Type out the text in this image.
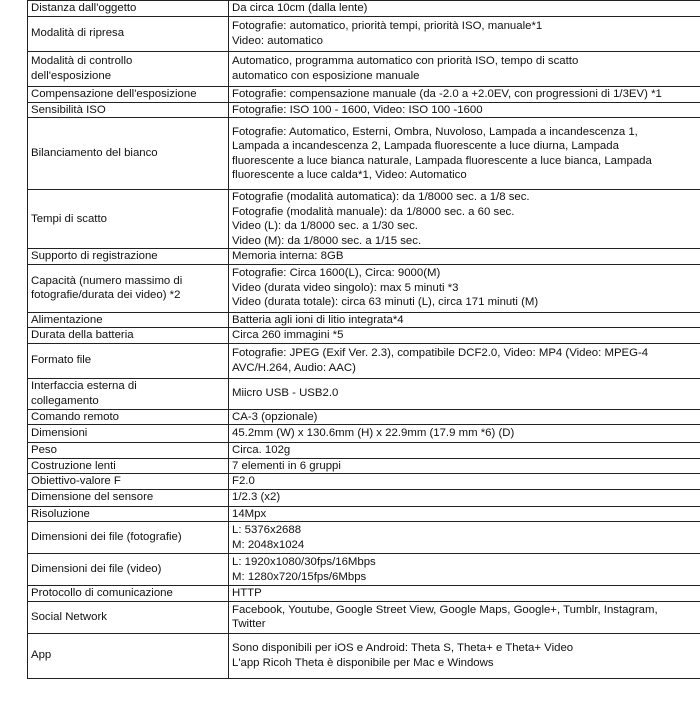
Distanza dall'oggetto	Da circa 10cm (dalla lente)

Modalità di ripresa	Fotografie: automatico, priorità tempi, priorità ISO, manuale*1
Video: automatico

Modalità di controllo
dell'esposizione	Automatico, programma automatico con priorità ISO, tempo di scatto
automatico con esposizione manuale

Compensazione dell'esposizione	Fotografie: compensazione manuale (da -2.0 a +2.0EV, con progressioni di 1/3EV) *1

Sensibilità ISO	Fotografie: ISO 100 - 1600, Video: ISO 100 -1600

Bilanciamento del bianco	Fotografie: Automatico, Esterni, Ombra, Nuvoloso, Lampada a incandescenza 1,
Lampada a incandescenza 2, Lampada fluorescente a luce diurna, Lampada
fluorescente a luce bianca naturale, Lampada fluorescente a luce bianca, Lampada
fluorescente a luce calda*1, Video: Automatico

Tempi di scatto	Fotografie (modalità automatica): da 1/8000 sec. a 1/8 sec.
Fotografie (modalità manuale): da 1/8000 sec. a 60 sec.
Video (L): da 1/8000 sec. a 1/30 sec.
Video (M): da 1/8000 sec. a 1/15 sec.

Supporto di registrazione	Memoria interna: 8GB

Capacità (numero massimo di
fotografie/durata dei video) *2	Fotografie: Circa 1600(L), Circa: 9000(M)
Video (durata video singolo): max 5 minuti *3
Video (durata totale): circa 63 minuti (L), circa 171 minuti (M)

Alimentazione	Batteria agli ioni di litio integrata*4

Durata della batteria	Circa 260 immagini *5

Formato file	Fotografie: JPEG (Exif Ver. 2.3), compatibile DCF2.0, Video: MP4 (Video: MPEG-4
AVC/H.264, Audio: AAC)

Interfaccia esterna di
collegamento	Miicro USB - USB2.0

Comando remoto	CA-3 (opzionale)

Dimensioni	45.2mm (W) x 130.6mm (H) x 22.9mm (17.9 mm *6) (D)

Peso	Circa. 102g

Costruzione lenti	7 elementi in 6 gruppi

Obiettivo-valore F	F2.0

Dimensione del sensore	1/2.3 (x2)

Risoluzione	14Mpx

Dimensioni dei file (fotografie)	L: 5376x2688
M: 2048x1024

Dimensioni dei file (video)	L: 1920x1080/30fps/16Mbps
M: 1280x720/15fps/6Mbps

Protocollo di comunicazione	HTTP

Social Network	Facebook, Youtube, Google Street View, Google Maps, Google+, Tumblr, Instagram,
Twitter

App	Sono disponibili per iOS e Android: Theta S, Theta+ e Theta+ Video
L'app Ricoh Theta è disponibile per Mac e Windows
